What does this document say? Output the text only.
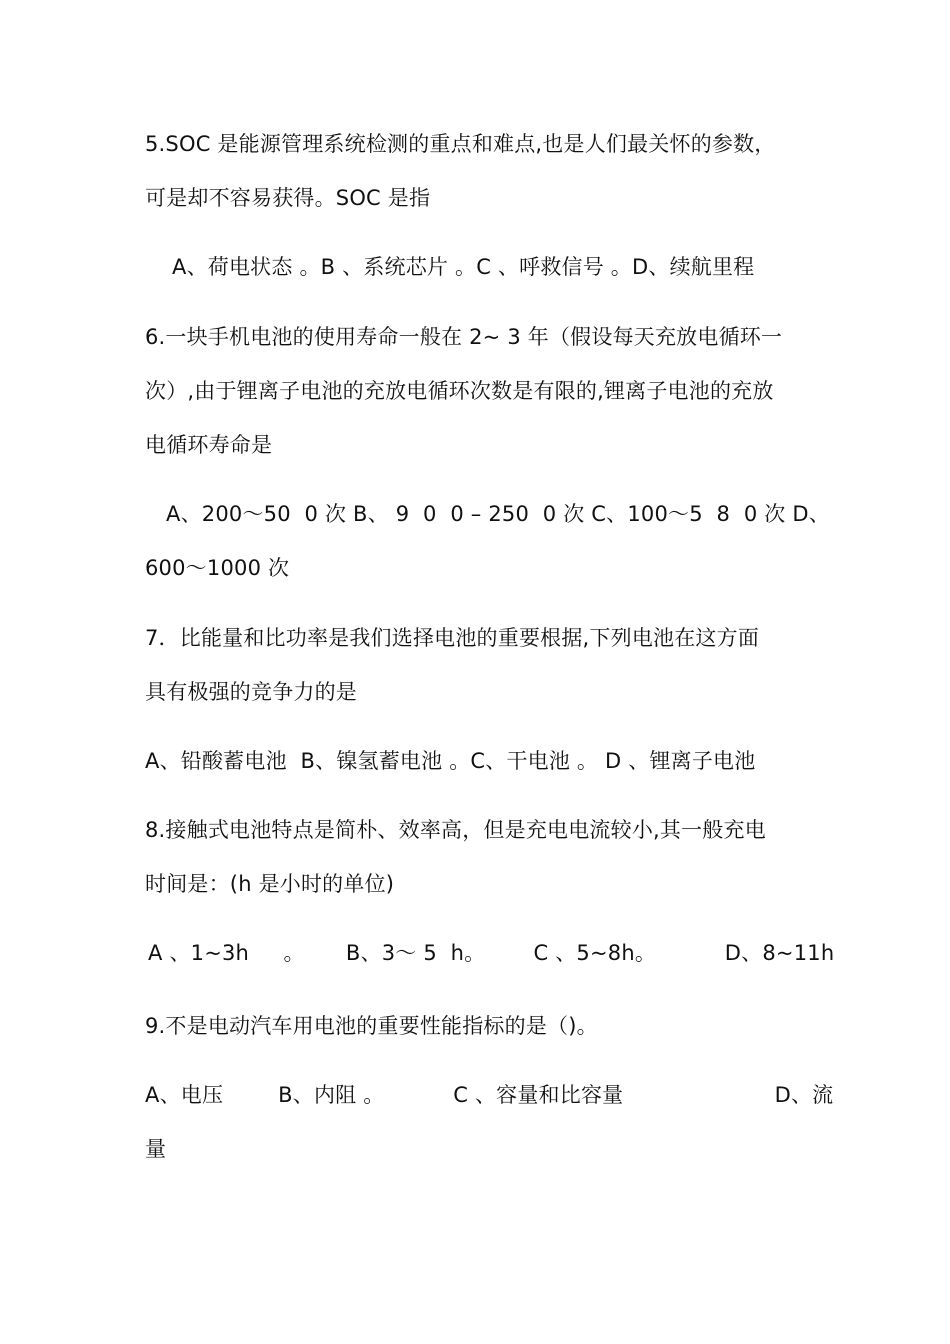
5.SOC 是能源管理系统检测的重点和难点,也是人们最关怀的参数，
可是却不容易获得。SOC 是指
A、荷电状态 。B 、系统芯片 。C 、呼救信号 。D、续航里程
6.一块手机电池的使用寿命一般在 2~ 3 年（假设每天充放电循环一
次）,由于锂离子电池的充放电循环次数是有限的,锂离子电池的充放
电循环寿命是
A、200～50  0 次 B、 9  0  0 – 250  0 次 C、100～5  8  0 次 D、
600～1000 次
7．比能量和比功率是我们选择电池的重要根据,下列电池在这方面
具有极强的竞争力的是
A、铅酸蓄电池  B、镍氢蓄电池 。C、干电池 。 D 、锂离子电池
8.接触式电池特点是简朴、效率高，但是充电电流较小,其一般充电
时间是：(h 是小时的单位)
A 、1~3h     。      B、3～ 5  h。       C 、5~8h。          D、8~11h
9.不是电动汽车用电池的重要性能指标的是（)。
A、电压        B、内阻 。          C 、容量和比容量                      D、流
量
